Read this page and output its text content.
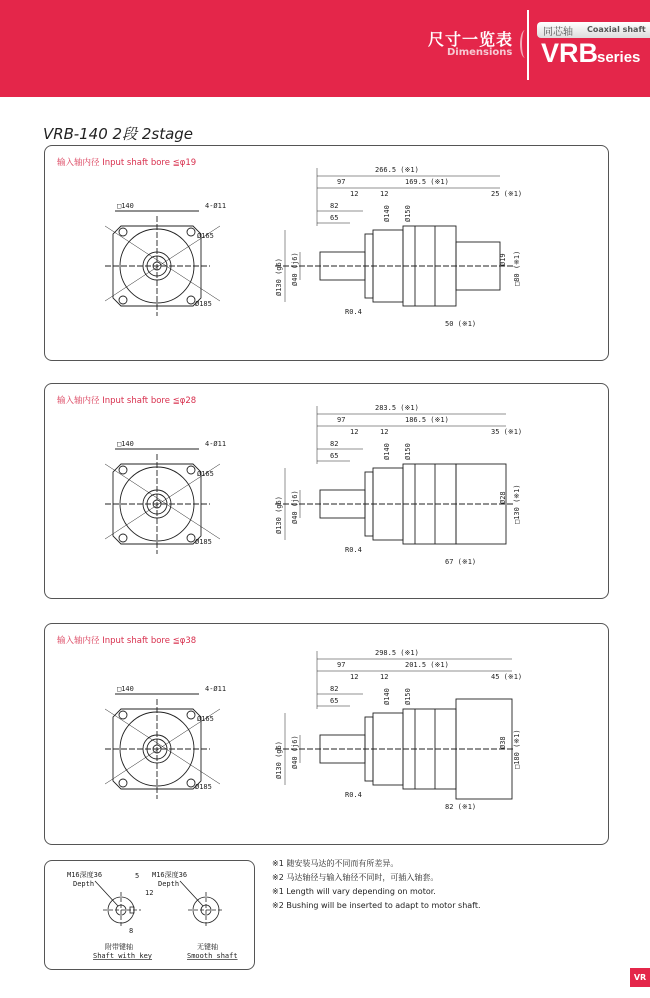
尺寸一览表
Dimensions
同芯轴 Coaxial shaft
VRB
series
VRB-140 2段 2stage
输入轴内径 Input shaft bore ≦φ19
266.5 (※1)
97	169.5 (※1)
12	12
82
65
25 (※1)
R0.4
50 (※1)
□140	4-Ø11
Ø165
Ø185
Ø130 (g6) Ø40 (j6)
Ø140 Ø150
Ø19 □80 (※1)
输入轴内径 Input shaft bore ≦φ28
283.5 (※1)
97	186.5 (※1)
12	12
82
65
35 (※1)
R0.4
67 (※1)
□140	4-Ø11
Ø165
Ø185
Ø130 (g6) Ø40 (j6)
Ø140 Ø150
Ø28 □130 (※1)
输入轴内径 Input shaft bore ≦φ38
298.5 (※1)
97	201.5 (※1)
12	12
82
65
45 (※1)
R0.4
82 (※1)
□140	4-Ø11
Ø165
Ø185
Ø130 (g6) Ø40 (j6)
Ø140 Ø150
Ø38 □180 (※1)
M16深度36
Depth
5
12
8
附带键轴
Shaft with key
M16深度36
Depth
无键轴
Smooth shaft
※1 随安装马达的不同而有所差异。
※2 马达轴径与输入轴径不同时，可插入轴套。
※1 Length will vary depending on motor.
※2 Bushing will be inserted to adapt to motor shaft.
VR
